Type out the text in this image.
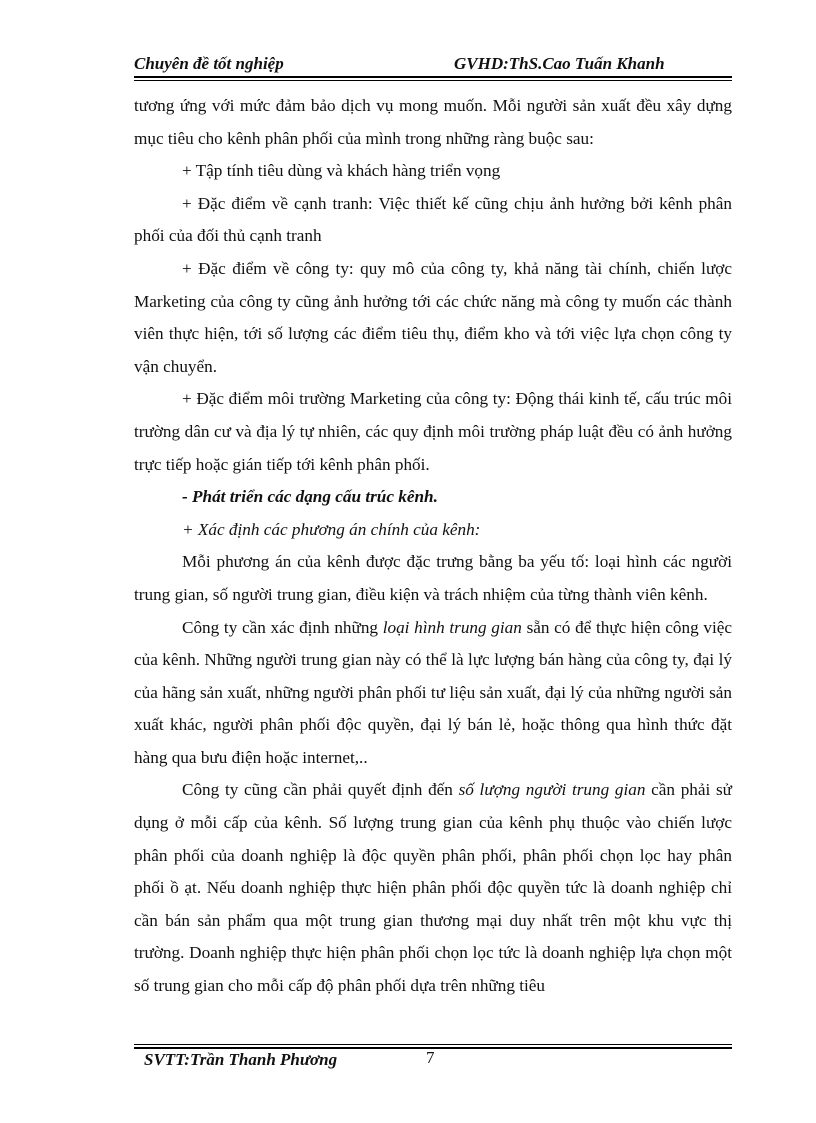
Chuyên đề tốt nghiệp	GVHD:ThS.Cao Tuấn Khanh

tương ứng với mức đảm bảo dịch vụ mong muốn. Mỗi người sản xuất đều xây dựng mục tiêu cho kênh phân phối của mình trong những ràng buộc sau:

+ Tập tính tiêu dùng và khách hàng triển vọng

+ Đặc điểm về cạnh tranh: Việc thiết kế cũng chịu ảnh hưởng bởi kênh phân phối của đối thủ cạnh tranh

+ Đặc điểm về công ty: quy mô của công ty, khả năng tài chính, chiến lược Marketing của công ty cũng ảnh hưởng tới các chức năng mà công ty muốn các thành viên thực hiện, tới số lượng các điểm tiêu thụ, điểm kho và tới việc lựa chọn công ty vận chuyển.

+ Đặc điểm môi trường Marketing của công ty: Động thái kinh tế, cấu trúc môi trường dân cư và địa lý tự nhiên, các quy định môi trường pháp luật đều có ảnh hưởng trực tiếp hoặc gián tiếp tới kênh phân phối.

- Phát triển các dạng cấu trúc kênh.

+ Xác định các phương án chính của kênh:

Mỗi phương án của kênh được đặc trưng bằng ba yếu tố: loại hình các người trung gian, số người trung gian, điều kiện và trách nhiệm của từng thành viên kênh.

Công ty cần xác định những loại hình trung gian sẵn có để thực hiện công việc của kênh. Những người trung gian này có thể là lực lượng bán hàng của công ty, đại lý của hãng sản xuất, những người phân phối tư liệu sản xuất, đại lý của những người sản xuất khác, người phân phối độc quyền, đại lý bán lẻ, hoặc thông qua hình thức đặt hàng qua bưu điện hoặc internet,..

Công ty cũng cần phải quyết định đến số lượng người trung gian cần phải sử dụng ở mỗi cấp của kênh. Số lượng trung gian của kênh phụ thuộc vào chiến lược phân phối của doanh nghiệp là độc quyền phân phối, phân phối chọn lọc hay phân phối ồ ạt. Nếu doanh nghiệp thực hiện phân phối độc quyền tức là doanh nghiệp chỉ cần bán sản phẩm qua một trung gian thương mại duy nhất trên một khu vực thị trường. Doanh nghiệp thực hiện phân phối chọn lọc tức là doanh nghiệp lựa chọn một số trung gian cho mỗi cấp độ phân phối dựa trên những tiêu

SVTT:Trần Thanh Phương	7
